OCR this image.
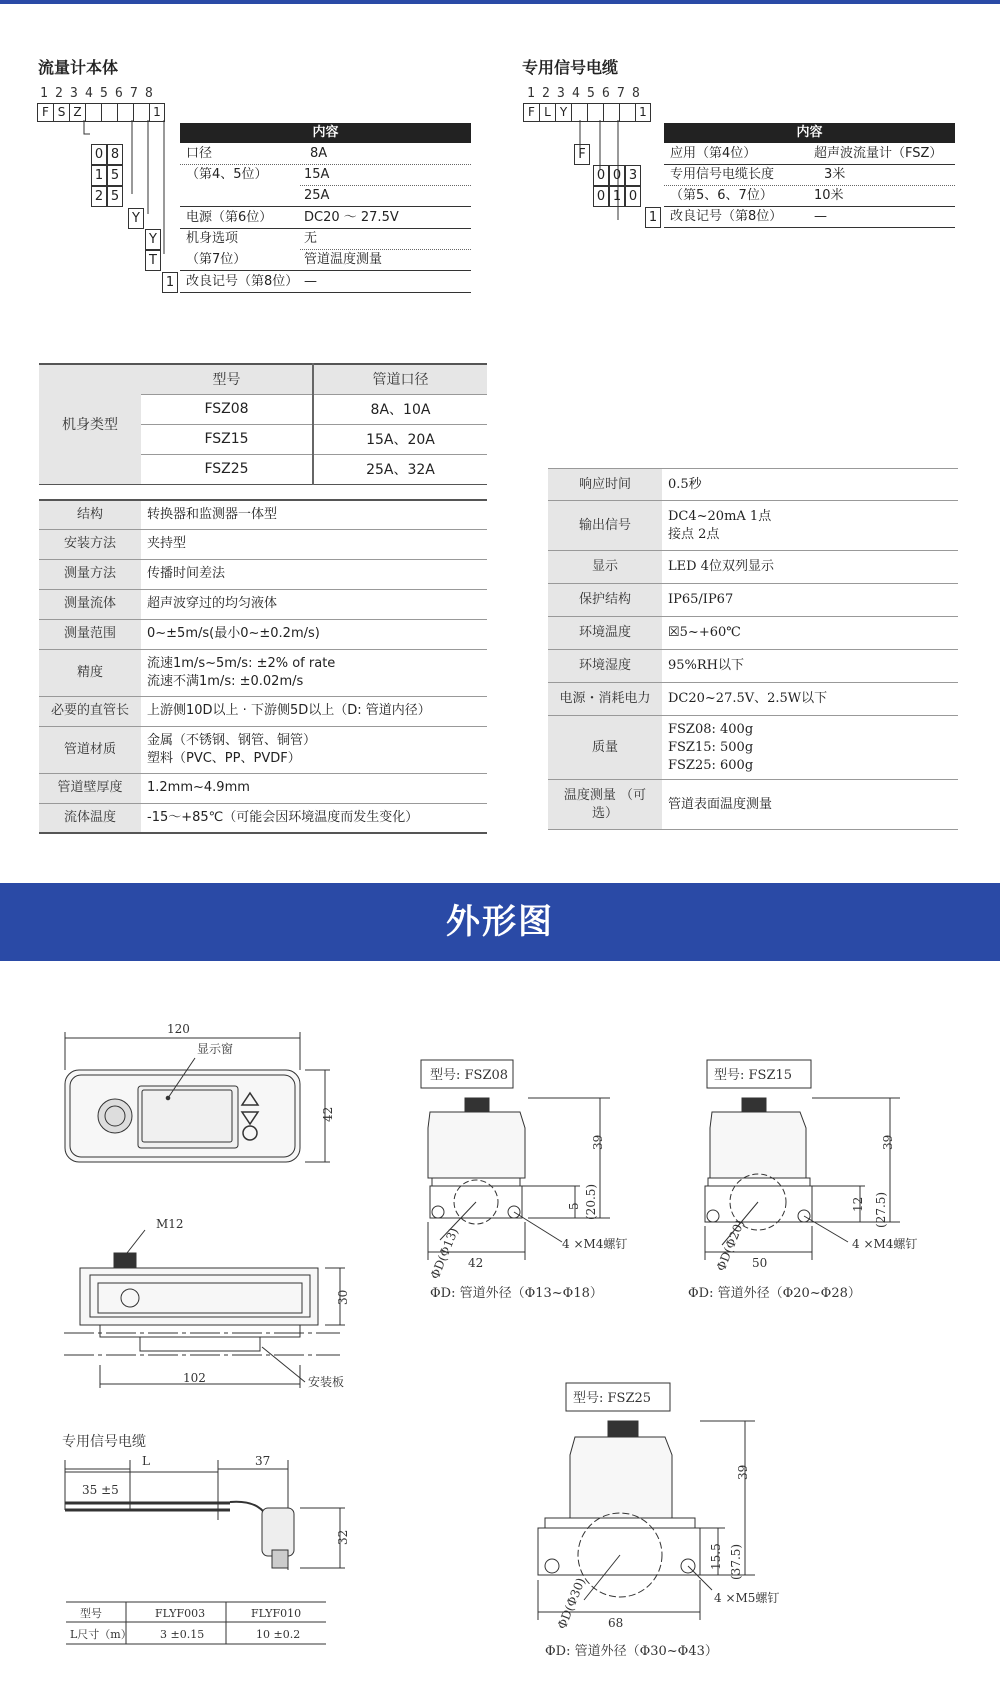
流量计本体
1 2 3 4 5 6 7 8
F S Z	1
内容
0 8
1 5
2 5
Y
Y
T
1
口径	8A
（第4、5位）	15A
25A
电源（第6位） DC20 ～ 27.5V
机身选项	无
（第7位）	管道温度测量
改良记号（第8位） —
专用信号电缆
1 2 3 4 5 6 7 8
F L Y	1
内容
F
0 0 3
0 1 0
1
应用（第4位）	超声波流量计（FSZ）
专用信号电缆长度	3米
（第5、6、7位）	10米
改良记号（第8位） —
机身类型	型号	管道口径
	FSZ08	8A、10A
	FSZ15	15A、20A
	FSZ25	25A、32A
结构	转换器和监测器一体型
安装方法	夹持型
测量方法	传播时间差法
测量流体	超声波穿过的均匀液体
测量范围	0~±5m/s(最小0~±0.2m/s)
精度	流速1m/s~5m/s: ±2% of rate
流速不满1m/s: ±0.02m/s

必要的直管长	上游侧10D以上 · 下游侧5D以上（D: 管道内径）
管道材质	金属（不锈钢、钢管、铜管）
塑料（PVC、PP、PVDF）

管道壁厚度	1.2mm~4.9mm
流体温度	-15～+85℃（可能会因环境温度而发生变化）
响应时间	0.5秒
输出信号	DC4~20mA 1点
接点 2点

显示	LED 4位双列显示
保护结构	IP65/IP67
环境温度	☒5~+60℃
环境湿度	95%RH以下
电源・消耗电力	DC20~27.5V、2.5W以下
质量	FSZ08: 400g
FSZ15: 500g
FSZ25: 600g

温度测量 （可选）	管道表面温度测量
外形图
120
显示窗
42
M12
30
102	安装板
专用信号电缆
L	37
35 ±5
32
型号	FLYF003	FLYF010
L尺寸（m）	3 ±0.15	10 ±0.2
型号: FSZ08
39
(20.5)
5
ΦD(Φ13) 42
4 ×M4螺钉
ΦD: 管道外径（Φ13~Φ18）
型号: FSZ15
39
(27.5)
12
ΦD(Φ20) 50
4 ×M4螺钉
ΦD: 管道外径（Φ20~Φ28）
型号: FSZ25
39
(37.5)
15.5
ΦD(Φ30) 68
4 ×M5螺钉
ΦD: 管道外径（Φ30~Φ43）
